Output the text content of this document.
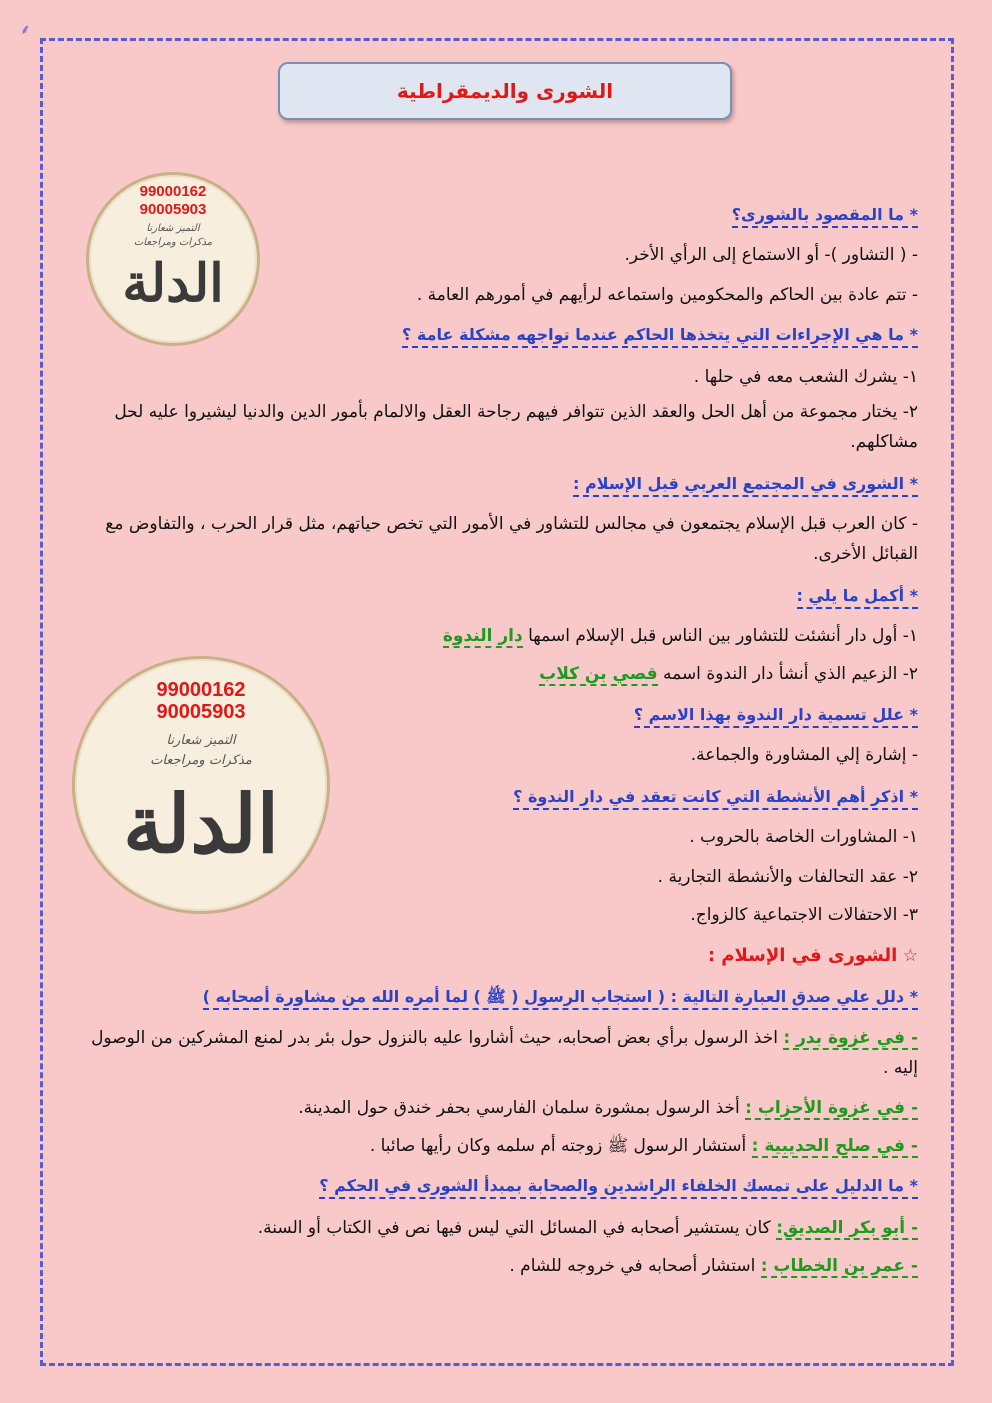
⸙
الشورى والديمقراطية
99000162
90005903
التميز شعارنا
مذكرات ومراجعات
الدلة
99000162
90005903
التميز شعارنا
مذكرات ومراجعات
الدلة
* ما المقصود بالشورى؟
- ( التشاور )- أو الاستماع إلى الرأي الأخر.
- تتم عادة بين الحاكم والمحكومين واستماعه لرأيهم في أمورهم العامة .
* ما هي الإجراءات التي يتخذها الحاكم عندما تواجهه مشكلة عامة ؟
١- يشرك الشعب معه في حلها .
٢- يختار مجموعة من أهل الحل والعقد الذين تتوافر فيهم رجاحة العقل والالمام بأمور الدين والدنيا ليشيروا عليه لحل مشاكلهم.
* الشورى في المجتمع العربي قبل الإسلام :
- كان العرب قبل الإسلام يجتمعون في مجالس للتشاور في الأمور التي تخص حياتهم، مثل قرار الحرب ، والتفاوض مع القبائل الأخرى.
* أكمل ما يلي :
١- أول دار أنشئت للتشاور بين الناس قبل الإسلام اسمها دار الندوة
٢- الزعيم الذي أنشأ دار الندوة اسمه قصي بن كلاب
* علل تسمية دار الندوة بهذا الاسم ؟
- إشارة إلي المشاورة والجماعة.
* اذكر أهم الأنشطة التي كانت تعقد في دار الندوة ؟
١- المشاورات الخاصة بالحروب .
٢- عقد التحالفات والأنشطة التجارية .
٣- الاحتفالات الاجتماعية كالزواج.
☆ الشورى في الإسلام :
* دلل علي صدق العبارة التالية : ( استجاب الرسول ( ﷺ ) لما أمره الله من مشاورة أصحابه )
- في غزوة بدر : اخذ الرسول برأي بعض أصحابه، حيث أشاروا عليه بالنزول حول بئر بدر لمنع المشركين من الوصول إليه .
- في غزوة الأحزاب : أخذ الرسول بمشورة سلمان الفارسي بحفر خندق حول المدينة.
- في صلح الحديبية : أستشار الرسول ﷺ زوجته أم سلمه وكان رأيها صائبا .
* ما الدليل على تمسك الخلفاء الراشدين والصحابة بمبدأ الشورى في الحكم ؟
- أبو بكر الصديق: كان يستشير أصحابه في المسائل التي ليس فيها نص في الكتاب أو السنة.
- عمر بن الخطاب : استشار أصحابه في خروجه للشام .
